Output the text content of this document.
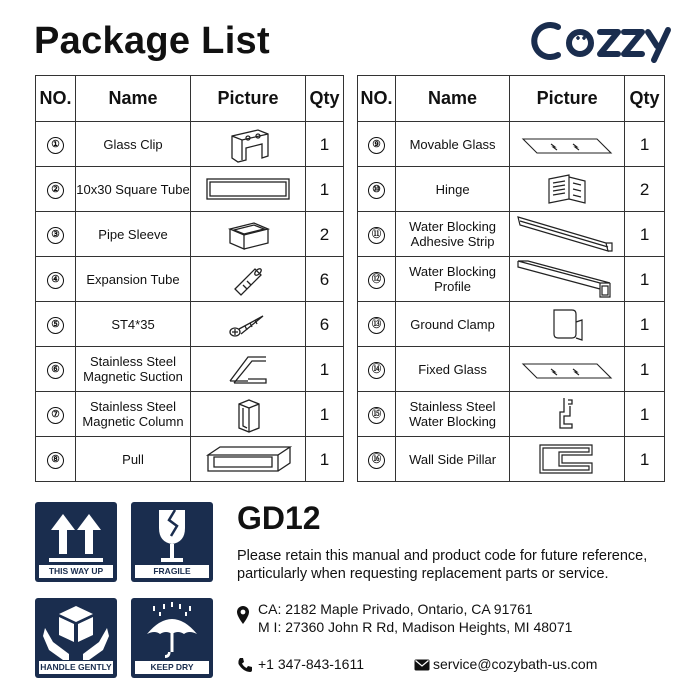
Package List
NO.	Name	Picture	Qty
①	Glass Clip		1
②	10x30 Square Tube		1
③	Pipe Sleeve		2
④	Expansion Tube		6
⑤	ST4*35		6
⑥	Stainless Steel Magnetic Suction		1
⑦	Stainless Steel Magnetic Column		1
⑧	Pull		1
NO.	Name	Picture	Qty
⑨	Movable Glass		1
⑩	Hinge		2
⑪	Water Blocking Adhesive Strip		1
⑫	Water Blocking Profile		1
⑬	Ground Clamp		1
⑭	Fixed Glass		1
⑮	Stainless Steel Water Blocking		1
⑯	Wall Side Pillar		1
THIS WAY UP	FRAGILE
HANDLE GENTLY	KEEP DRY
GD12
Please retain this manual and product code for future reference, particularly when requesting replacement parts or service.
CA: 2182 Maple Privado, Ontario, CA 91761
M I: 27360 John R Rd, Madison Heights, MI 48071
+1 347-843-1611	service@cozybath-us.com
